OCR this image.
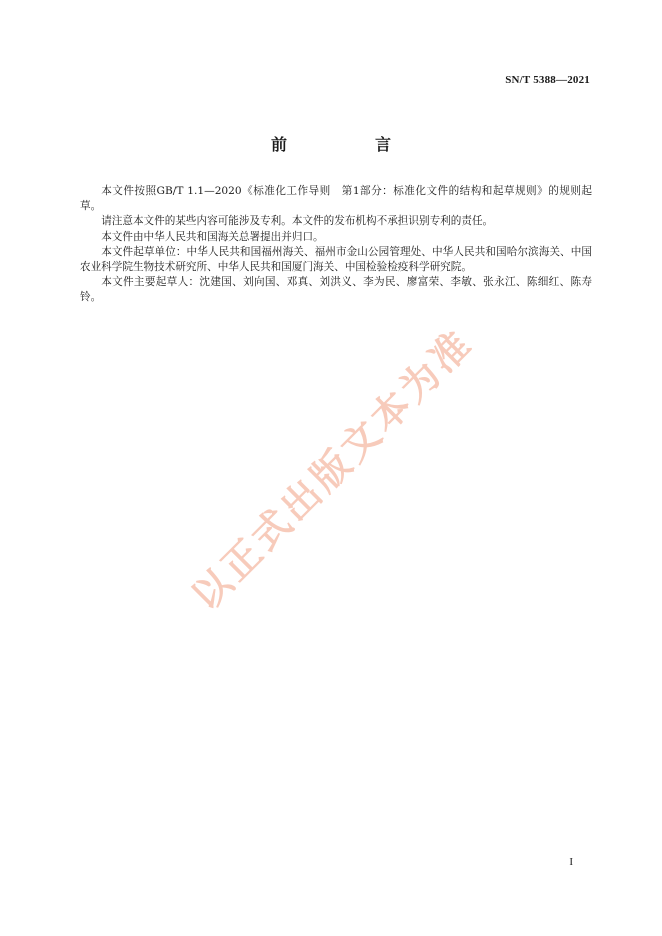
SN/T 5388—2021
前　言

本文件按照GB/T 1.1—2020《标准化工作导则　第1部分：标准化文件的结构和起草规则》的规则起草。

请注意本文件的某些内容可能涉及专利。本文件的发布机构不承担识别专利的责任。

本文件由中华人民共和国海关总署提出并归口。

本文件起草单位：中华人民共和国福州海关、福州市金山公园管理处、中华人民共和国哈尔滨海关、中国农业科学院生物技术研究所、中华人民共和国厦门海关、中国检验检疫科学研究院。

本文件主要起草人：沈建国、刘向国、邓真、刘洪义、李为民、廖富荣、李敏、张永江、陈细红、陈寿铃。

以正式出版文本为准
I
